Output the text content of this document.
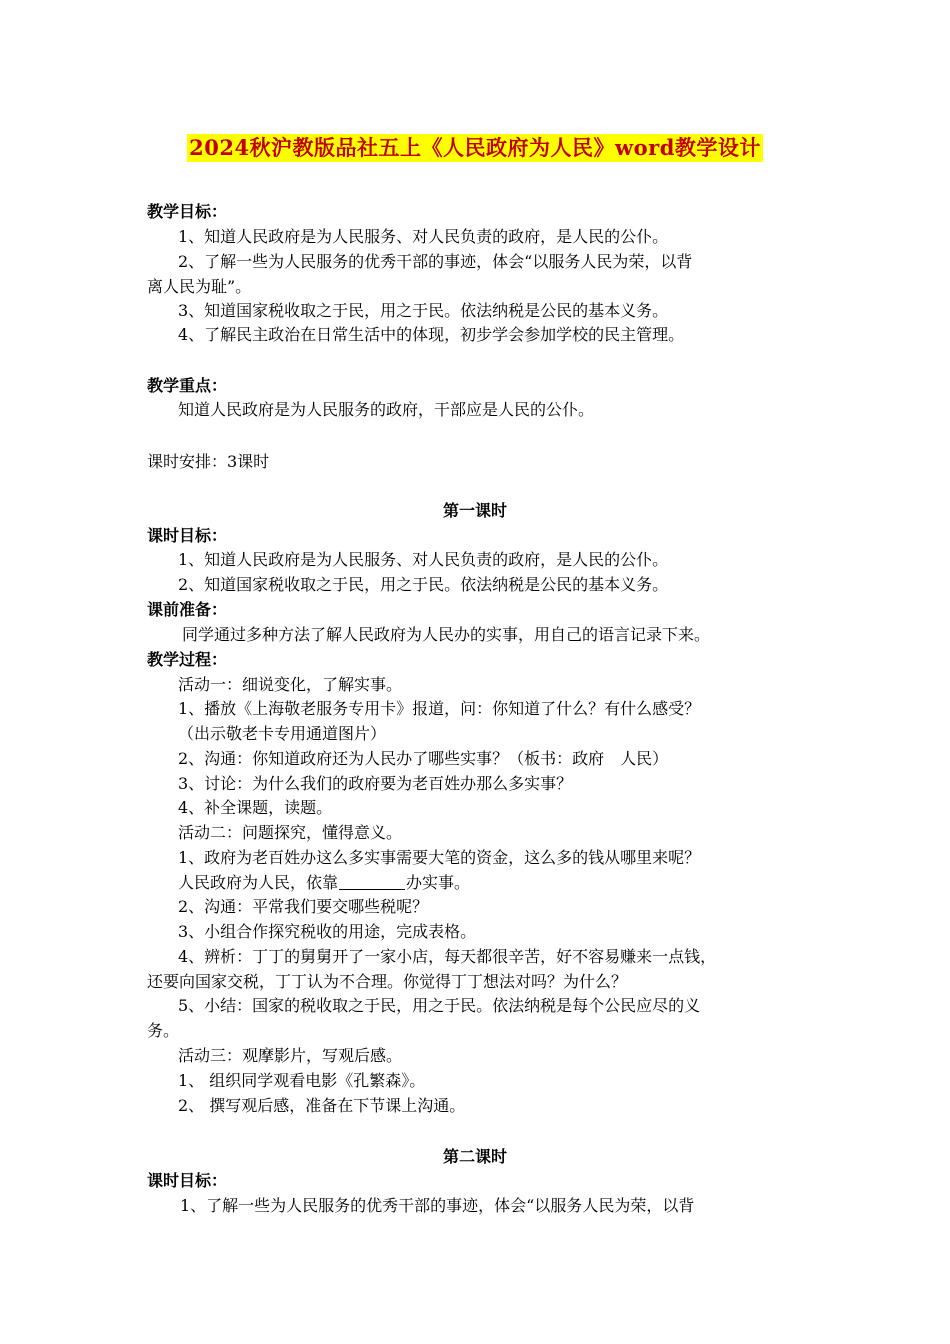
2024秋沪教版品社五上《人民政府为人民》word教学设计
教学目标：
1、知道人民政府是为人民服务、对人民负责的政府，是人民的公仆。
2、了解一些为人民服务的优秀干部的事迹，体会“以服务人民为荣，以背
离人民为耻”。
3、知道国家税收取之于民，用之于民。依法纳税是公民的基本义务。
4、了解民主政治在日常生活中的体现，初步学会参加学校的民主管理。
教学重点：
知道人民政府是为人民服务的政府，干部应是人民的公仆。
课时安排：3课时
第一课时
课时目标：
1、知道人民政府是为人民服务、对人民负责的政府，是人民的公仆。
2、知道国家税收取之于民，用之于民。依法纳税是公民的基本义务。
课前准备：
同学通过多种方法了解人民政府为人民办的实事，用自己的语言记录下来。
教学过程：
活动一：细说变化，了解实事。
1、播放《上海敬老服务专用卡》报道，问：你知道了什么？有什么感受？
（出示敬老卡专用通道图片）
2、沟通：你知道政府还为人民办了哪些实事？（板书：政府　人民）
3、讨论：为什么我们的政府要为老百姓办那么多实事？
4、补全课题，读题。
活动二：问题探究，懂得意义。
1、政府为老百姓办这么多实事需要大笔的资金，这么多的钱从哪里来呢？
人民政府为人民，依靠	办实事。
2、沟通：平常我们要交哪些税呢？
3、小组合作探究税收的用途，完成表格。
4、辨析：丁丁的舅舅开了一家小店，每天都很辛苦，好不容易赚来一点钱，
还要向国家交税，丁丁认为不合理。你觉得丁丁想法对吗？为什么？
5、小结：国家的税收取之于民，用之于民。依法纳税是每个公民应尽的义
务。
活动三：观摩影片，写观后感。
1、 组织同学观看电影《孔繁森》。
2、 撰写观后感，准备在下节课上沟通。
第二课时
课时目标：
1、了解一些为人民服务的优秀干部的事迹，体会“以服务人民为荣，以背
